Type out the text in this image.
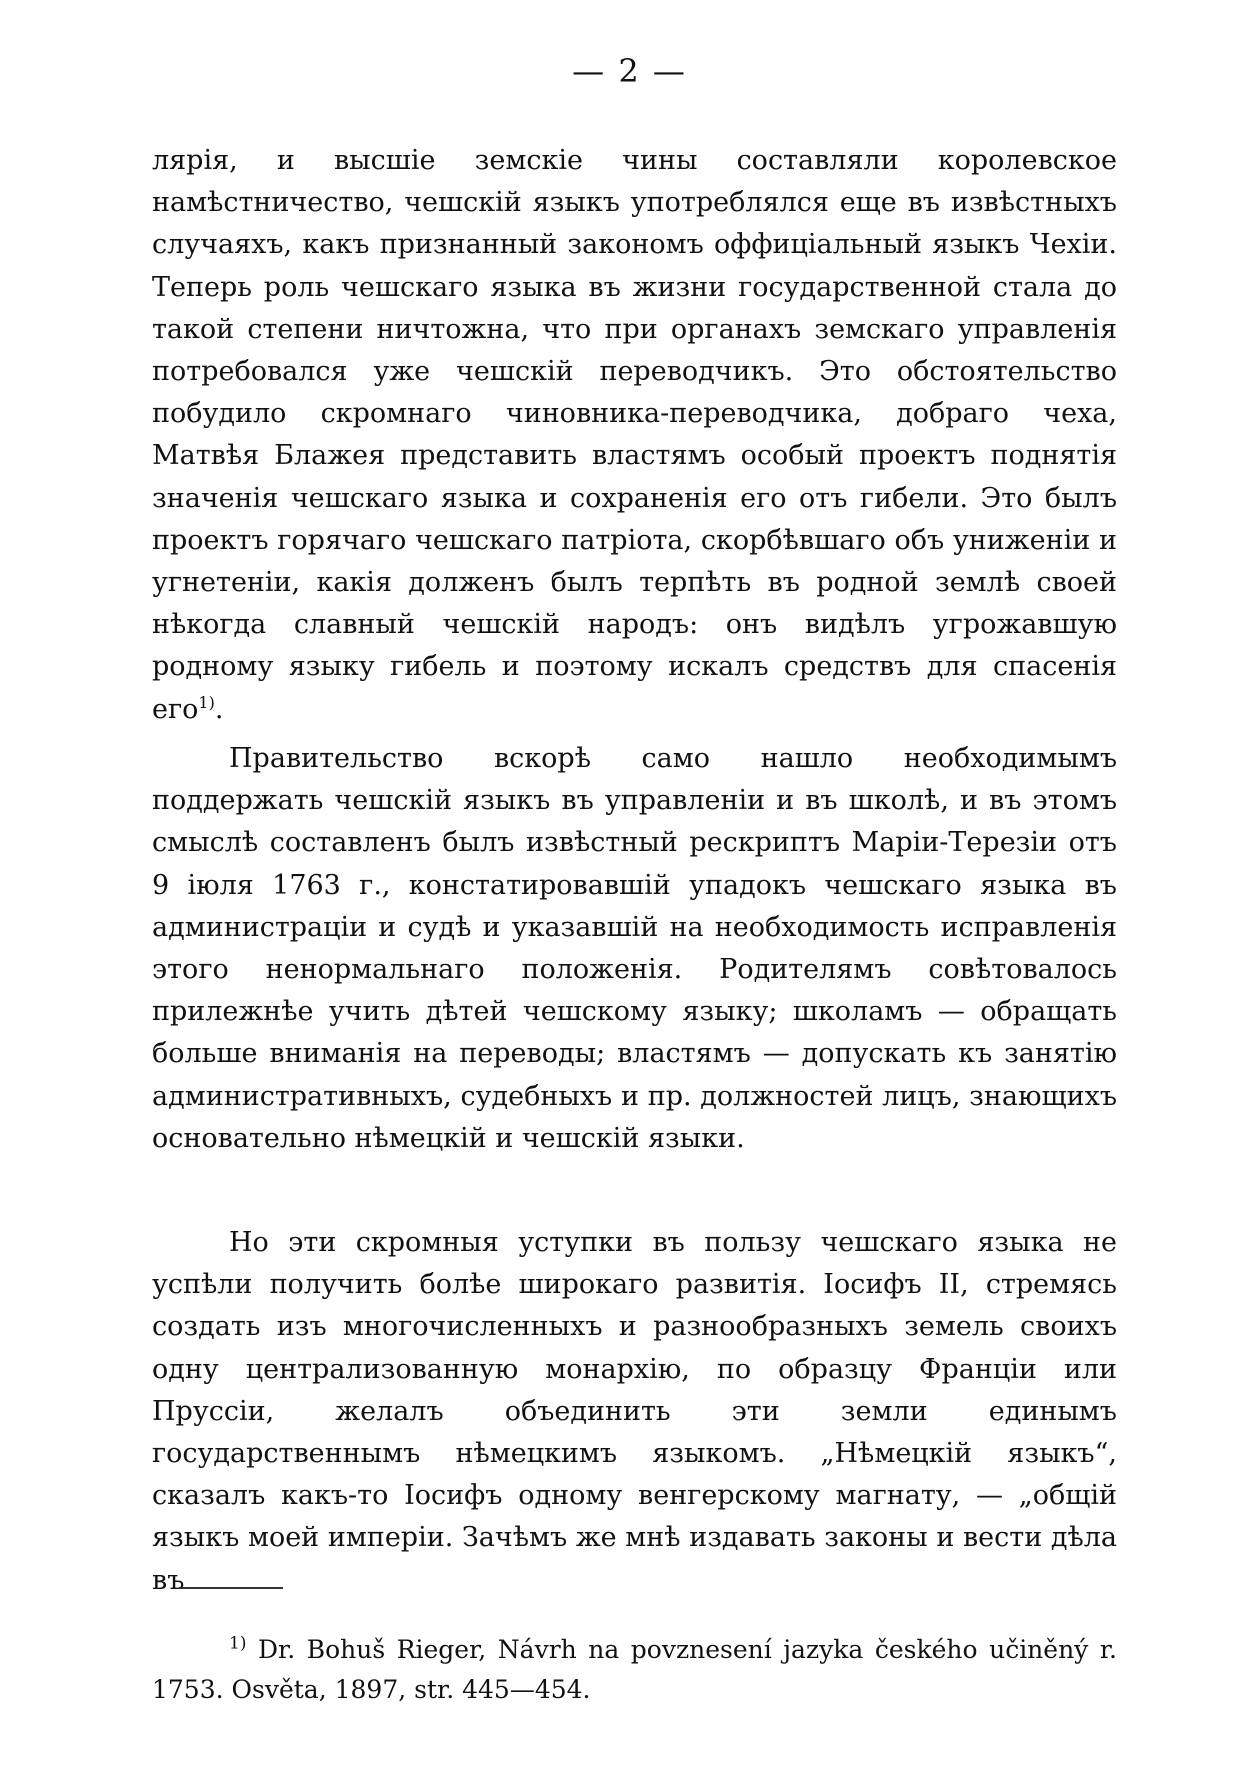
— 2 —

лярія, и высшіе земскіе чины составляли королевское намѣстничество, чешскій языкъ употреблялся еще въ извѣстныхъ случаяхъ, какъ признанный закономъ оффиціальный языкъ Чехіи. Теперь роль чешскаго языка въ жизни государственной стала до такой степени ничтожна, что при органахъ земскаго управленія потребовался уже чешскій переводчикъ. Это обстоятельство побудило скромнаго чиновника-переводчика, добраго чеха, Матвѣя Блажея представить властямъ особый проектъ поднятія значенія чешскаго языка и сохраненія его отъ гибели. Это былъ проектъ горячаго чешскаго патріота, скорбѣвшаго объ униженіи и угнетеніи, какія долженъ былъ терпѣть въ родной землѣ своей нѣкогда славный чешскій народъ: онъ видѣлъ угрожавшую родному языку гибель и поэтому искалъ средствъ для спасенія его$^{1)}$.

Правительство вскорѣ само нашло необходимымъ поддержать чешскій языкъ въ управленіи и въ школѣ, и въ этомъ смыслѣ составленъ былъ извѣстный рескриптъ Маріи-Терезіи отъ 9 іюля 1763 г., констатировавшій упадокъ чешскаго языка въ администраціи и судѣ и указавшій на необходимость исправленія этого ненормальнаго положенія. Родителямъ совѣтовалось прилежнѣе учить дѣтей чешскому языку; школамъ — обращать больше вниманія на переводы; властямъ — допускать къ занятію административныхъ, судебныхъ и пр. должностей лицъ, знающихъ основательно нѣмецкій и чешскій языки.

Но эти скромныя уступки въ пользу чешскаго языка не успѣли получить болѣе широкаго развитія. Іосифъ II, стремясь создать изъ многочисленныхъ и разнообразныхъ земель своихъ одну централизованную монархію, по образцу Франціи или Пруссіи, желалъ объединить эти земли единымъ государственнымъ нѣмецкимъ языкомъ. „Нѣмецкій языкъ“, сказалъ какъ-то Іосифъ одному венгерскому магнату, — „общій языкъ моей имперіи. Зачѣмъ же мнѣ издавать законы и вести дѣла въ

$^{1)}$ Dr. Bohuš Rieger, Návrh na povznesení jazyka českého učiněný r. 1753. Osvěta, 1897, str. 445—454.
